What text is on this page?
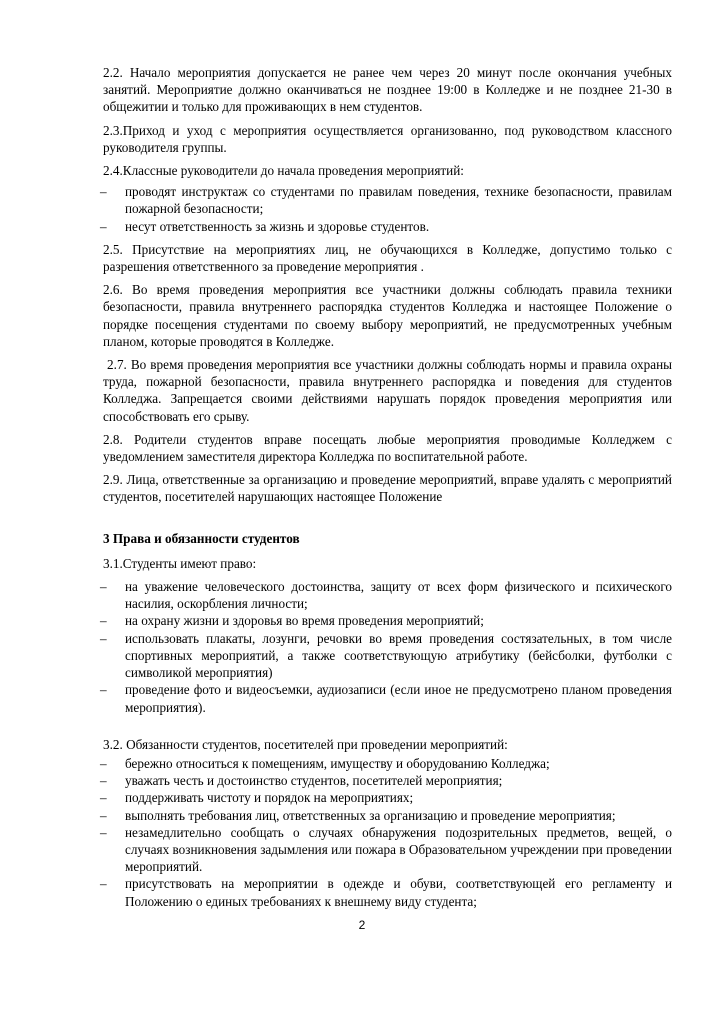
2.2. Начало мероприятия допускается не ранее чем через 20 минут после окончания учебных занятий. Мероприятие должно оканчиваться не позднее 19:00 в Колледже и не позднее 21-30 в общежитии и только для проживающих в нем студентов.

2.3.Приход и уход с мероприятия осуществляется организованно, под руководством классного руководителя группы.

2.4.Классные руководители до начала проведения мероприятий:

– проводят инструктаж со студентами по правилам поведения, технике безопасности, правилам пожарной безопасности;
– несут ответственность за жизнь и здоровье студентов.

2.5. Присутствие на мероприятиях лиц, не обучающихся в Колледже, допустимо только с разрешения ответственного за проведение мероприятия .

2.6. Во время проведения мероприятия все участники должны соблюдать правила техники безопасности, правила внутреннего распорядка студентов Колледжа и настоящее Положение о порядке посещения студентами по своему выбору мероприятий, не предусмотренных учебным планом, которые проводятся в Колледже.

2.7. Во время проведения мероприятия все участники должны соблюдать нормы и правила охраны труда, пожарной безопасности, правила внутреннего распорядка и поведения для студентов Колледжа. Запрещается своими действиями нарушать порядок проведения мероприятия или способствовать его срыву.

2.8. Родители студентов вправе посещать любые мероприятия проводимые Колледжем с уведомлением заместителя директора Колледжа по воспитательной работе.

2.9. Лица, ответственные за организацию и проведение мероприятий, вправе удалять с мероприятий студентов, посетителей нарушающих настоящее Положение

3 Права и обязанности студентов

3.1.Студенты имеют право:

– на уважение человеческого достоинства, защиту от всех форм физического и психического насилия, оскорбления личности;
– на охрану жизни и здоровья во время проведения мероприятий;
– использовать плакаты, лозунги, речовки во время проведения состязательных, в том числе спортивных мероприятий, а также соответствующую атрибутику (бейсболки, футболки с символикой мероприятия)
– проведение фото и видеосъемки, аудиозаписи (если иное не предусмотрено планом проведения мероприятия).

3.2. Обязанности студентов, посетителей при проведении мероприятий:

– бережно относиться к помещениям, имуществу и оборудованию Колледжа;
– уважать честь и достоинство студентов, посетителей мероприятия;
– поддерживать чистоту и порядок на мероприятиях;
– выполнять требования лиц, ответственных за организацию и проведение мероприятия;
– незамедлительно сообщать о случаях обнаружения подозрительных предметов, вещей, о случаях возникновения задымления или пожара в Образовательном учреждении при проведении мероприятий.
– присутствовать на мероприятии в одежде и обуви, соответствующей его регламенту и Положению о единых требованиях к внешнему виду студента;
2
